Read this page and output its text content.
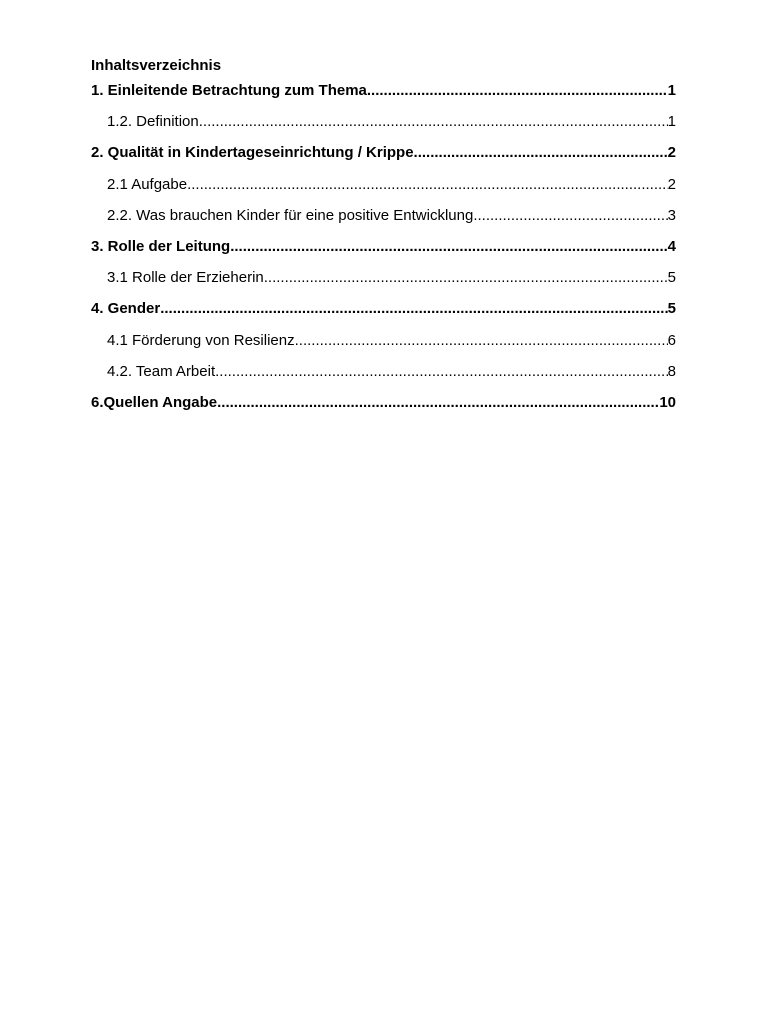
Inhaltsverzeichnis
1. Einleitende Betrachtung zum Thema .....	1
1.2. Definition .....	1
2. Qualität in Kindertageseinrichtung / Krippe .....	2
2.1 Aufgabe .....	2
2.2. Was brauchen Kinder für eine positive Entwicklung .....	3
3. Rolle der Leitung .....	4
3.1 Rolle der Erzieherin .....	5
4. Gender .....	5
4.1 Förderung von Resilienz .....	6
4.2. Team Arbeit .....	8
6.Quellen Angabe .....	10
